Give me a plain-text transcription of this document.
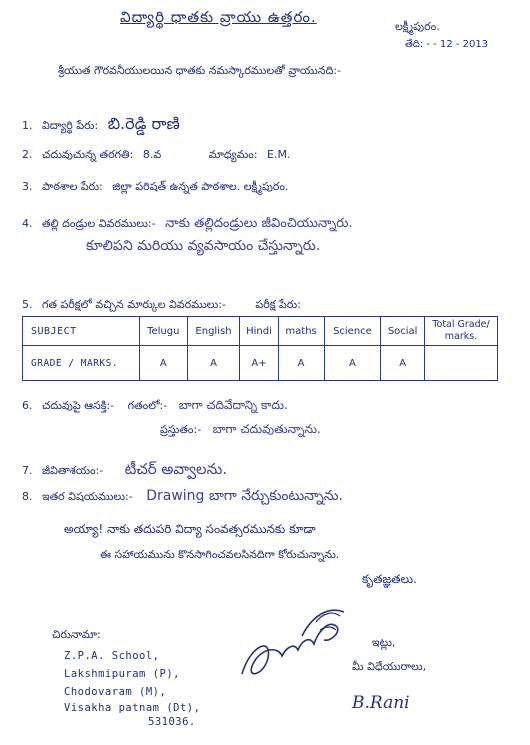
విద్యార్థి ధాతకు వ్రాయు ఉత్తరం.
లక్ష్మీపురం.
తేది: - - 12 - 2013
శ్రీయుత గౌరవనీయులయిన ధాతకు నమస్కారములతో వ్రాయునది:-
1. విద్యార్థి పేరు: బి.రెడ్డి రాణి
2. చదువుచున్న తరగతి: 8.వ	మాధ్యమం: E.M.
3. పాఠశాల పేరు: జిల్లా పరిషత్ ఉన్నత పాఠశాల. లక్ష్మీపురం.
4. తల్లి దండ్రుల వివరములు:- నాకు తల్లిదండ్రులు జీవించియున్నారు.
కూలిపని మరియు వ్యవసాయం చేస్తున్నారు.
5. గత పరీక్షలో వచ్చిన మార్కుల వివరములు:-	పరీక్ష పేరు:
SUBJECT	Telugu	English	Hindi	maths	Science	Social	Total Grade/ marks.
GRADE / MARKS.	A	A	A+	A	A	A	
6. చదువుపై ఆసక్తి:- గతంలో:- బాగా చదివేదాన్ని కాదు.
ప్రస్తుతం:- బాగా చదువుతున్నాను.
7. జీవితాశయం:- టీచర్ అవ్వాలను.
8. ఇతర విషయములు:- Drawing బాగా నేర్చుకుంటున్నాను.
అయ్యా! నాకు తదుపరి విద్యా సంవత్సరమునకు కూడా
ఈ సహాయమును కొనసాగించవలసినదిగా కోరుచున్నాను.
కృతజ్ఞతలు.
చిరునామా:
Z.P.A. School,
Lakshmipuram (P),
Chodovaram (M),
Visakha patnam (Dt),
531036.
ఇట్లు,
మీ విధేయురాలు,
B.Rani
